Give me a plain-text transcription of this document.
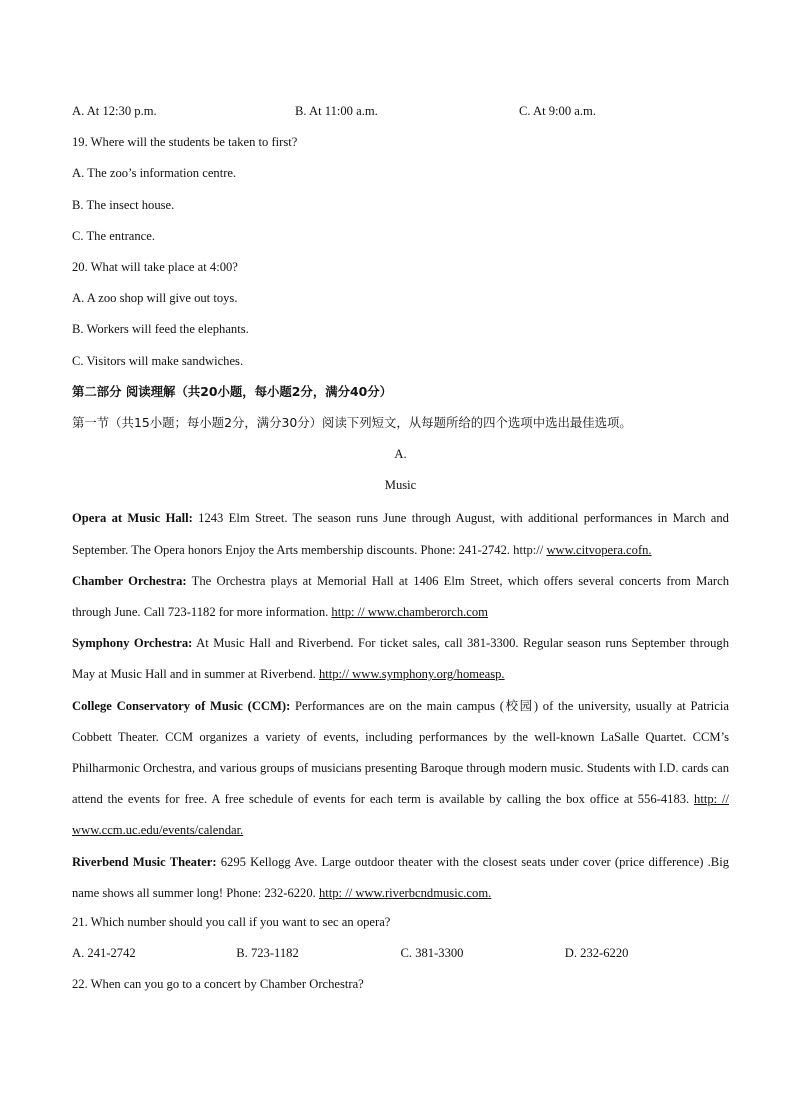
A. At 12:30 p.m.	B. At 11:00 a.m.	C. At 9:00 a.m.
19. Where will the students be taken to first?
A. The zoo’s information centre.
B. The insect house.
C. The entrance.
20. What will take place at 4:00?
A. A zoo shop will give out toys.
B. Workers will feed the elephants.
C. Visitors will make sandwiches.
第二部分 阅读理解（共20小题，每小题2分，满分40分）
第一节（共15小题；每小题2分，满分30分）阅读下列短文，从每题所给的四个选项中选出最佳选项。
A.
Music

Opera at Music Hall: 1243 Elm Street. The season runs June through August, with additional performances in March and September. The Opera honors Enjoy the Arts membership discounts. Phone: 241-2742. http:// www.citvopera.cofn.

Chamber Orchestra: The Orchestra plays at Memorial Hall at 1406 Elm Street, which offers several concerts from March through June. Call 723-1182 for more information. http: // www.chamberorch.com

Symphony Orchestra: At Music Hall and Riverbend. For ticket sales, call 381-3300. Regular season runs September through May at Music Hall and in summer at Riverbend. http:// www.symphony.org/homeasp.

College Conservatory of Music (CCM): Performances are on the main campus (校园) of the university, usually at Patricia Cobbett Theater. CCM organizes a variety of events, including performances by the well-known LaSalle Quartet. CCM’s Philharmonic Orchestra, and various groups of musicians presenting Baroque through modern music. Students with I.D. cards can attend the events for free. A free schedule of events for each term is available by calling the box office at 556-4183. http: // www.ccm.uc.edu/events/calendar.

Riverbend Music Theater: 6295 Kellogg Ave. Large outdoor theater with the closest seats under cover (price difference) .Big name shows all summer long! Phone: 232-6220. http: // www.riverbcndmusic.com.

21. Which number should you call if you want to sec an opera?
A. 241-2742	B. 723-1182	C. 381-3300	D. 232-6220
22. When can you go to a concert by Chamber Orchestra?
